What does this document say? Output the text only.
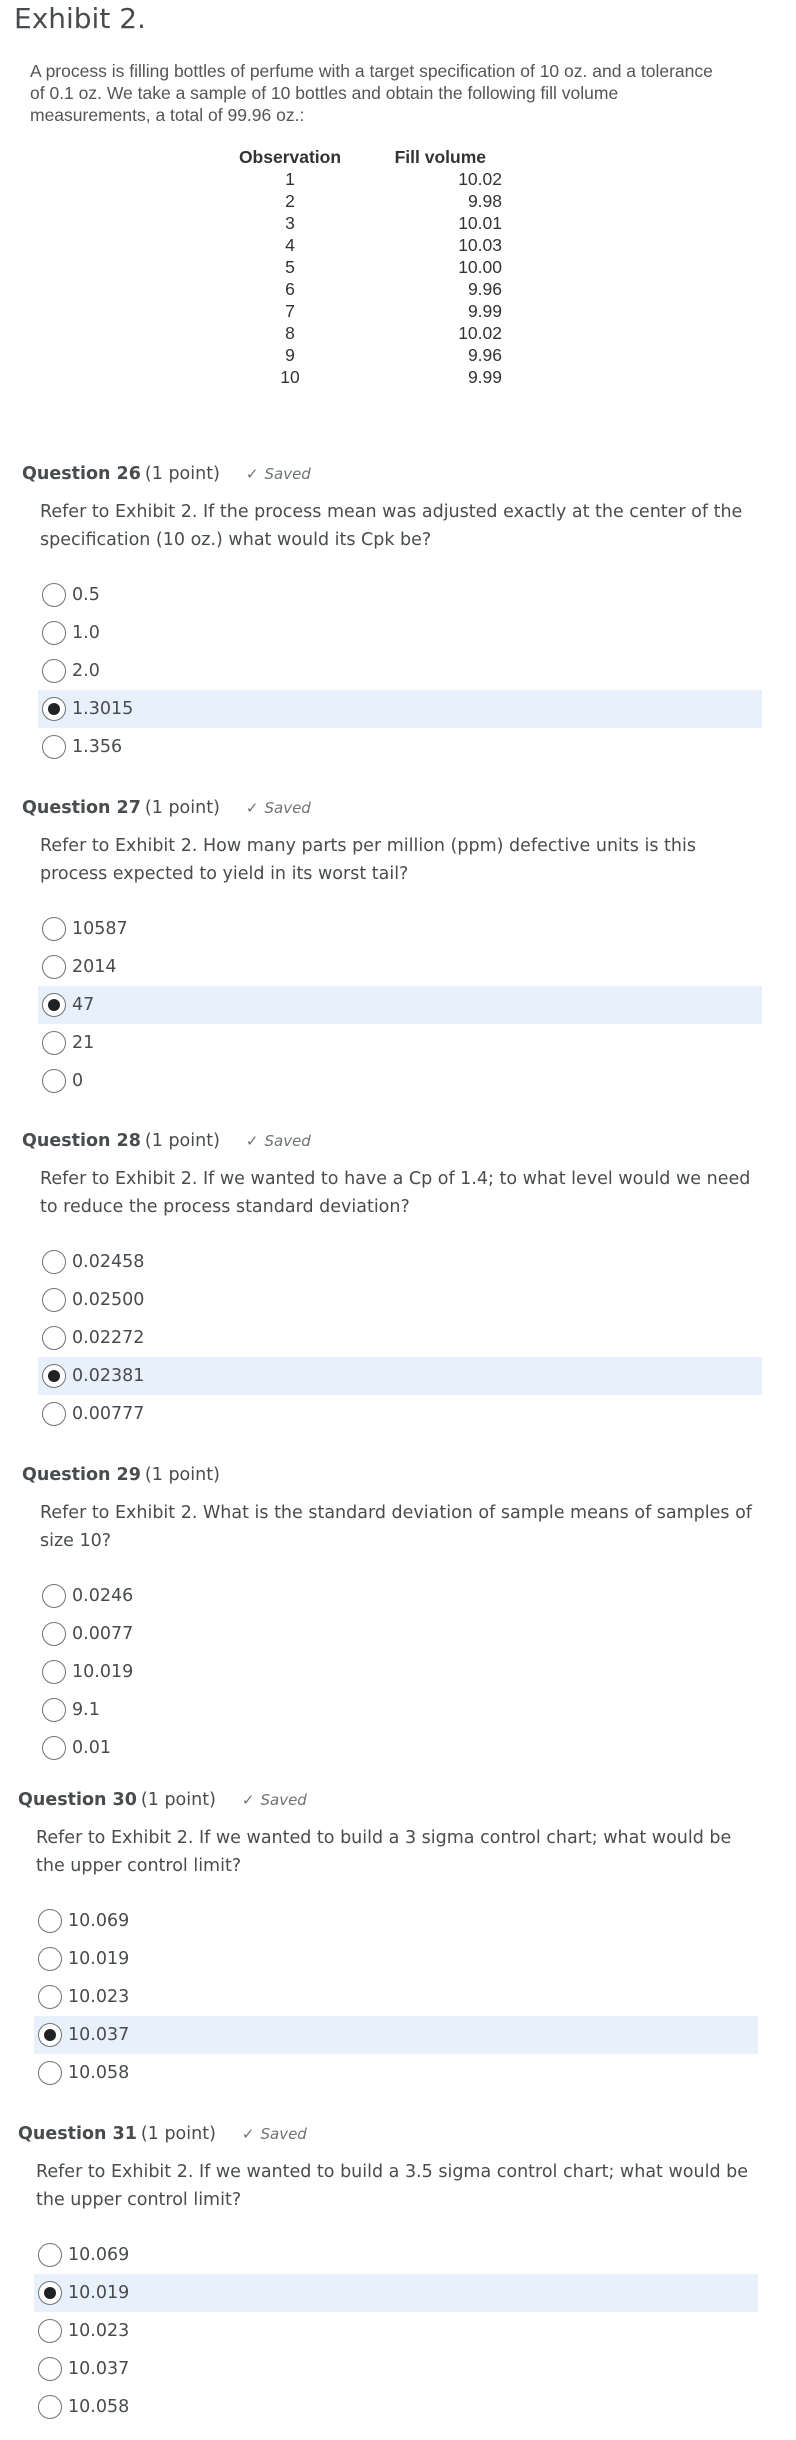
Exhibit 2.
A process is filling bottles of perfume with a target specification of 10 oz. and a tolerance of 0.1 oz. We take a sample of 10 bottles and obtain the following fill volume measurements, a total of 99.96 oz.:
Observation	Fill volume
1	10.02
2	9.98
3	10.01
4	10.03
5	10.00
6	9.96
7	9.99
8	10.02
9	9.96
10	9.99
Question 26 (1 point) ✓ Saved
Refer to Exhibit 2. If the process mean was adjusted exactly at the center of the specification (10 oz.) what would its Cpk be?
0.5
1.0
2.0
1.3015
1.356
Question 27 (1 point) ✓ Saved
Refer to Exhibit 2. How many parts per million (ppm) defective units is this process expected to yield in its worst tail?
10587
2014
47
21
0
Question 28 (1 point) ✓ Saved
Refer to Exhibit 2. If we wanted to have a Cp of 1.4; to what level would we need to reduce the process standard deviation?
0.02458
0.02500
0.02272
0.02381
0.00777
Question 29 (1 point)
Refer to Exhibit 2. What is the standard deviation of sample means of samples of size 10?
0.0246
0.0077
10.019
9.1
0.01
Question 30 (1 point) ✓ Saved
Refer to Exhibit 2. If we wanted to build a 3 sigma control chart; what would be the upper control limit?
10.069
10.019
10.023
10.037
10.058
Question 31 (1 point) ✓ Saved
Refer to Exhibit 2. If we wanted to build a 3.5 sigma control chart; what would be the upper control limit?
10.069
10.019
10.023
10.037
10.058
